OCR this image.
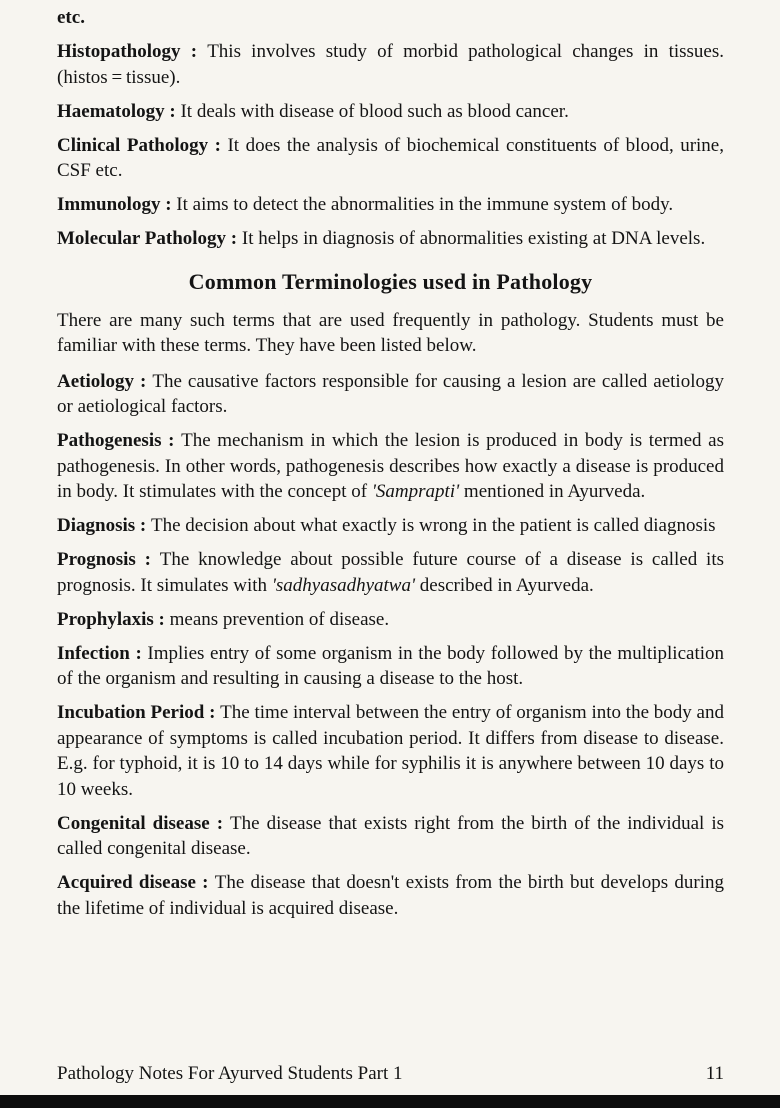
etc.

Histopathology : This involves study of morbid pathological changes in tissues. (histos = tissue).

Haematology : It deals with disease of blood such as blood cancer.

Clinical Pathology : It does the analysis of biochemical constituents of blood, urine, CSF etc.

Immunology : It aims to detect the abnormalities in the immune system of body.

Molecular Pathology : It helps in diagnosis of abnormalities existing at DNA levels.

Common Terminologies used in Pathology

There are many such terms that are used frequently in pathology. Students must be familiar with these terms. They have been listed below.

Aetiology : The causative factors responsible for causing a lesion are called aetiology or aetiological factors.

Pathogenesis : The mechanism in which the lesion is produced in body is termed as pathogenesis. In other words, pathogenesis describes how exactly a disease is produced in body. It stimulates with the concept of 'Samprapti' mentioned in Ayurveda.

Diagnosis : The decision about what exactly is wrong in the patient is called diagnosis

Prognosis : The knowledge about possible future course of a disease is called its prognosis. It simulates with 'sadhyasadhyatwa' described in Ayurveda.

Prophylaxis : means prevention of disease.

Infection : Implies entry of some organism in the body followed by the multiplication of the organism and resulting in causing a disease to the host.

Incubation Period : The time interval between the entry of organism into the body and appearance of symptoms is called incubation period. It differs from disease to disease. E.g. for typhoid, it is 10 to 14 days while for syphilis it is anywhere between 10 days to 10 weeks.

Congenital disease : The disease that exists right from the birth of the individual is called congenital disease.

Acquired disease : The disease that doesn't exists from the birth but develops during the lifetime of individual is acquired disease.

Pathology Notes For Ayurved Students Part 1	11
